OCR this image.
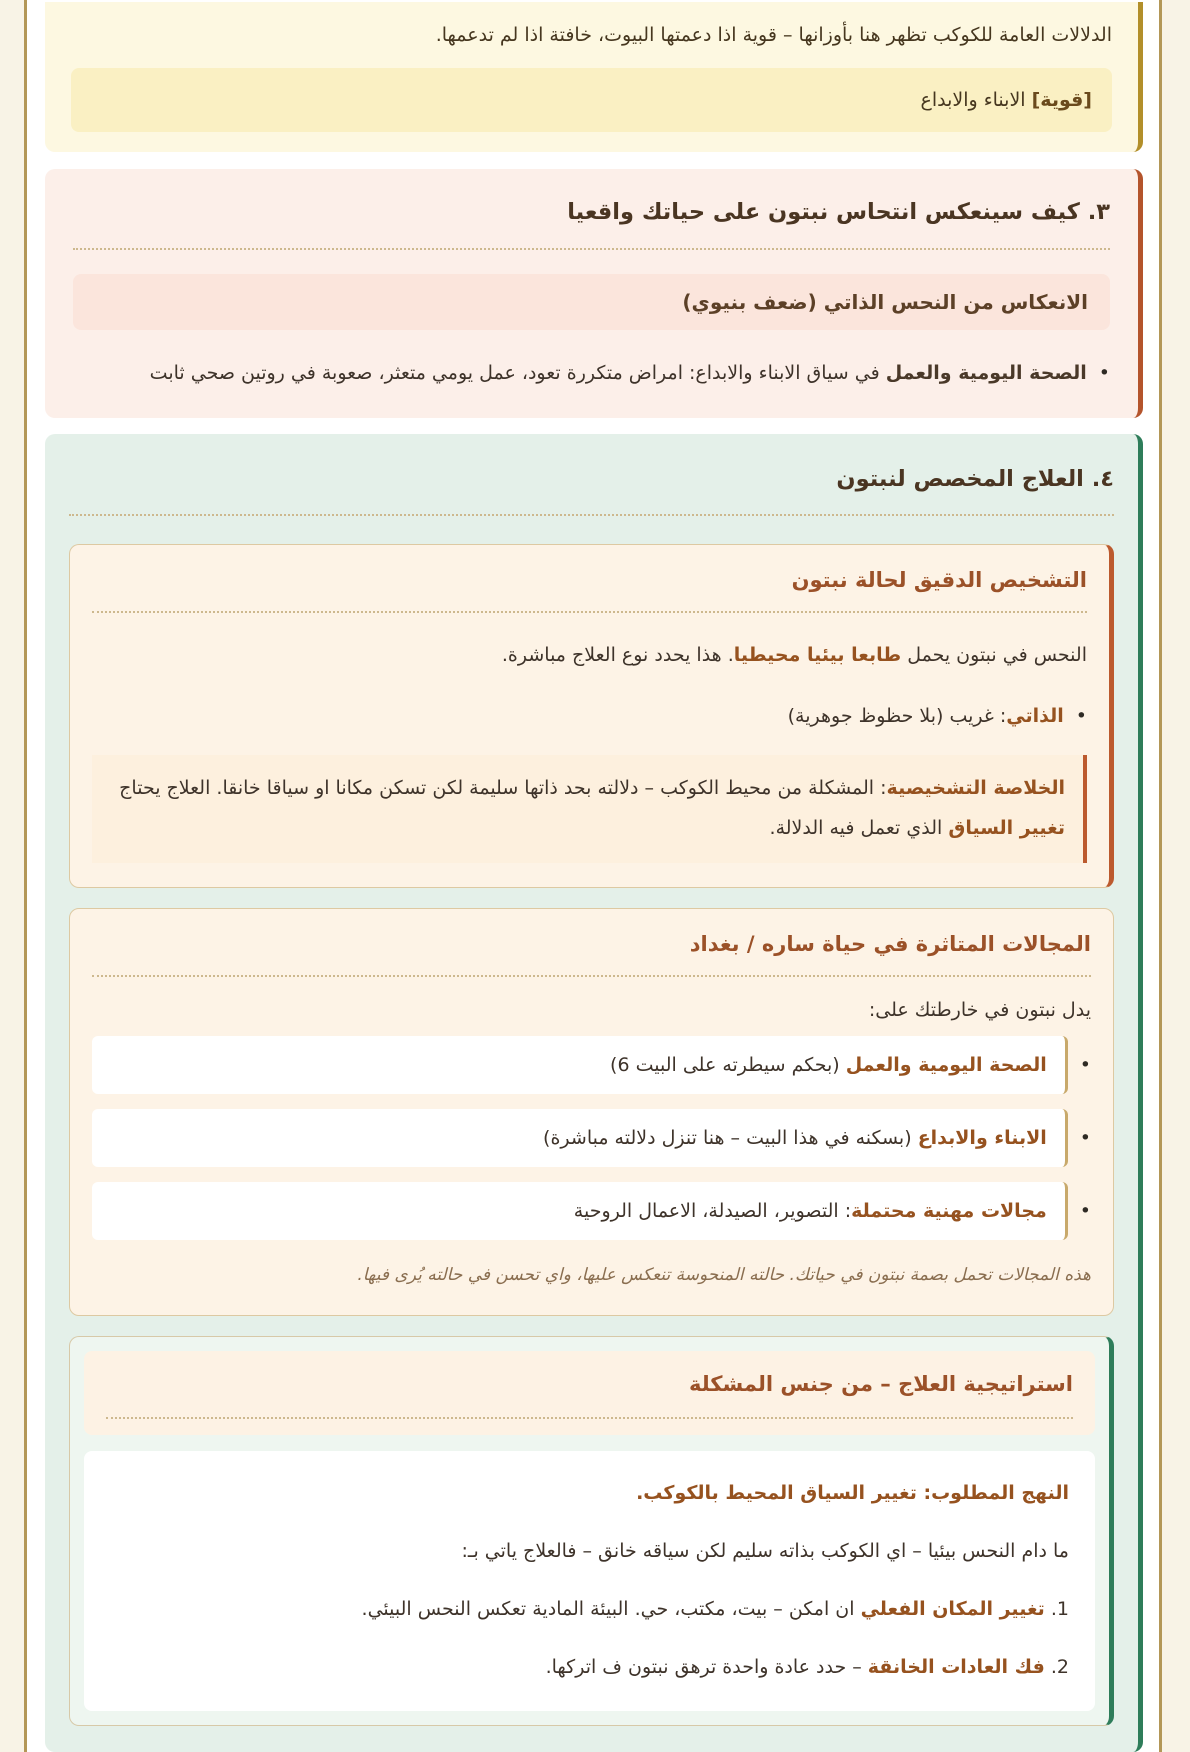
الدلالات العامة للكوكب تظهر هنا بأوزانها – قوية اذا دعمتها البيوت، خافتة اذا لم تدعمها.

[قوية] الابناء والابداع
٣. كيف سينعكس انتحاس نبتون على حياتك واقعيا
الانعكاس من النحس الذاتي (ضعف بنيوي)
•

الصحة اليومية والعمل في سياق الابناء والابداع: امراض متكررة تعود، عمل يومي متعثر، صعوبة في روتين صحي ثابت

٤. العلاج المخصص لنبتون
التشخيص الدقيق لحالة نبتون

النحس في نبتون يحمل طابعا بيئيا محيطيا. هذا يحدد نوع العلاج مباشرة.

•

الذاتي: غريب (بلا حظوظ جوهرية)

الخلاصة التشخيصية: المشكلة من محيط الكوكب – دلالته بحد ذاتها سليمة لكن تسكن مكانا او سياقا خانقا. العلاج يحتاج تغيير السياق الذي تعمل فيه الدلالة.
المجالات المتاثرة في حياة ساره / بغداد

يدل نبتون في خارطتك على:

•
الصحة اليومية والعمل (بحكم سيطرته على البيت 6)
•
الابناء والابداع (بسكنه في هذا البيت – هنا تنزل دلالته مباشرة)
•
مجالات مهنية محتملة: التصوير، الصيدلة، الاعمال الروحية

هذه المجالات تحمل بصمة نبتون في حياتك. حالته المنحوسة تنعكس عليها، واي تحسن في حالته يُرى فيها.

استراتيجية العلاج – من جنس المشكلة

النهج المطلوب: تغيير السياق المحيط بالكوكب.

ما دام النحس بيئيا – اي الكوكب بذاته سليم لكن سياقه خانق – فالعلاج ياتي بـ:

1. تغيير المكان الفعلي ان امكن – بيت، مكتب، حي. البيئة المادية تعكس النحس البيئي.

2. فك العادات الخانقة – حدد عادة واحدة ترهق نبتون ف اتركها.
